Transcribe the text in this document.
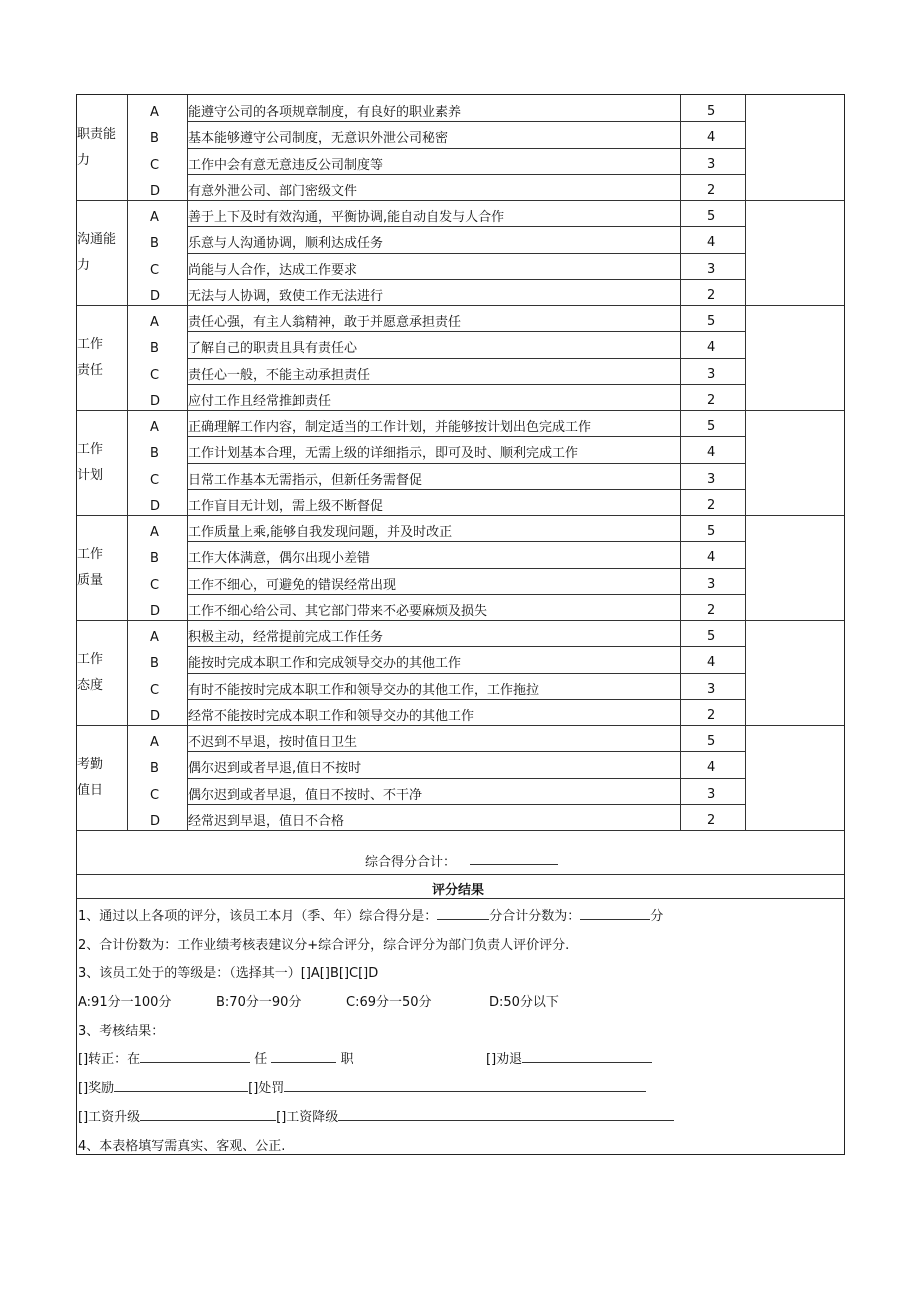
职责能
力
A 能遵守公司的各项规章制度，有良好的职业素养	5
B 基本能够遵守公司制度，无意识外泄公司秘密	4
C 工作中会有意无意违反公司制度等	3
D 有意外泄公司、部门密级文件	2
沟通能
力
A 善于上下及时有效沟通，平衡协调,能自动自发与人合作	5
B 乐意与人沟通协调，顺利达成任务	4
C 尚能与人合作，达成工作要求	3
D 无法与人协调，致使工作无法进行	2
工作
责任
A 责任心强，有主人翁精神，敢于并愿意承担责任	5
B 了解自己的职责且具有责任心	4
C 责任心一般，不能主动承担责任	3
D 应付工作且经常推卸责任	2
工作
计划
A 正确理解工作内容，制定适当的工作计划，并能够按计划出色完成工作	5
B 工作计划基本合理，无需上级的详细指示，即可及时、顺利完成工作	4
C 日常工作基本无需指示，但新任务需督促	3
D 工作盲目无计划，需上级不断督促	2
工作
质量
A 工作质量上乘,能够自我发现问题，并及时改正	5
B 工作大体满意，偶尔出现小差错	4
C 工作不细心，可避免的错误经常出现	3
D 工作不细心给公司、其它部门带来不必要麻烦及损失	2
工作
态度
A 积极主动，经常提前完成工作任务	5
B 能按时完成本职工作和完成领导交办的其他工作	4
C 有时不能按时完成本职工作和领导交办的其他工作，工作拖拉	3
D 经常不能按时完成本职工作和领导交办的其他工作	2
考勤
值日
A 不迟到不早退，按时值日卫生	5
B 偶尔迟到或者早退,值日不按时	4
C 偶尔迟到或者早退，值日不按时、不干净	3
D 经常迟到早退，值日不合格	2
综合得分合计：
评分结果
1、通过以上各项的评分，该员工本月（季、年）综合得分是：	分合计分数为：	分
2、合计份数为：工作业绩考核表建议分+综合评分，综合评分为部门负责人评价评分.
3、该员工处于的等级是：（选择其一）[]A[]B[]C[]D
A:91分一100分	B:70分一90分	C:69分一50分	D:50分以下
3、考核结果：
[]转正：在	任	职	[]劝退
[]奖励	[]处罚
[]工资升级	[]工资降级
4、本表格填写需真实、客观、公正.
